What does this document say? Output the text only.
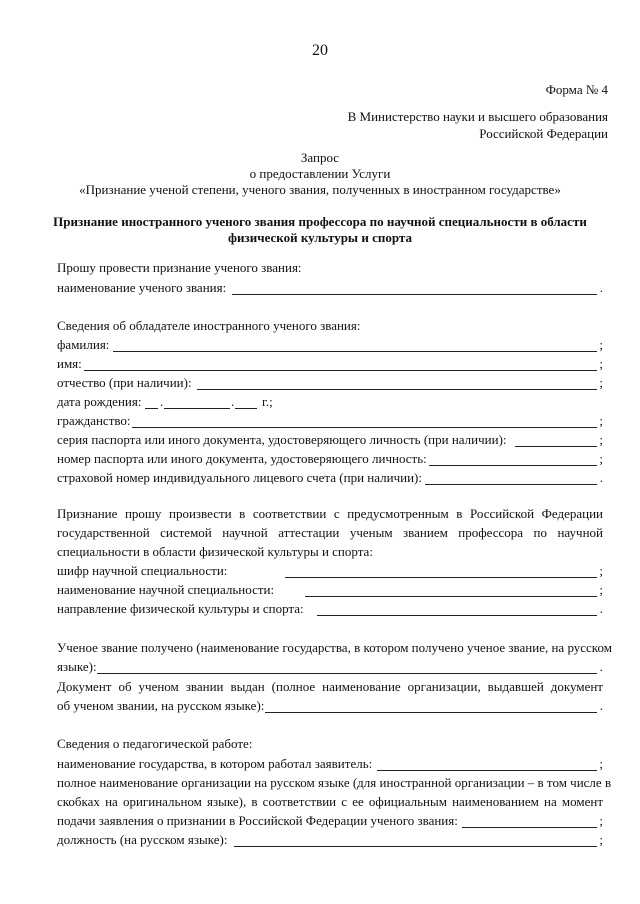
20
Форма № 4
В Министерство науки и высшего образования
Российской Федерации
Запрос
о предоставлении Услуги
«Признание ученой степени, ученого звания, полученных в иностранном государстве»
Признание иностранного ученого звания профессора по научной специальности в области
физической культуры и спорта
Прошу провести признание ученого звания:
наименование ученого звания:	.
Сведения об обладателе иностранного ученого звания:
фамилия:	;
имя:	;
отчество (при наличии):	;
дата рождения: .	. г.;
гражданство:	;
серия паспорта или иного документа, удостоверяющего личность (при наличии):	;
номер паспорта или иного документа, удостоверяющего личность:	;
страховой номер индивидуального лицевого счета (при наличии):	.
Признание прошу произвести в соответствии с предусмотренным в Российской Федерации
государственной системой научной аттестации ученым званием профессора по научной
специальности в области физической культуры и спорта:
шифр научной специальности:	;
наименование научной специальности:	;
направление физической культуры и спорта:	.
Ученое звание получено (наименование государства, в котором получено ученое звание, на русском
языке):	.
Документ об ученом звании выдан (полное наименование организации, выдавшей документ
об ученом звании, на русском языке):	.
Сведения о педагогической работе:
наименование государства, в котором работал заявитель:	;
полное наименование организации на русском языке (для иностранной организации – в том числе в
скобках на оригинальном языке), в соответствии с ее официальным наименованием на момент
подачи заявления о признании в Российской Федерации ученого звания:	;
должность (на русском языке):	;
